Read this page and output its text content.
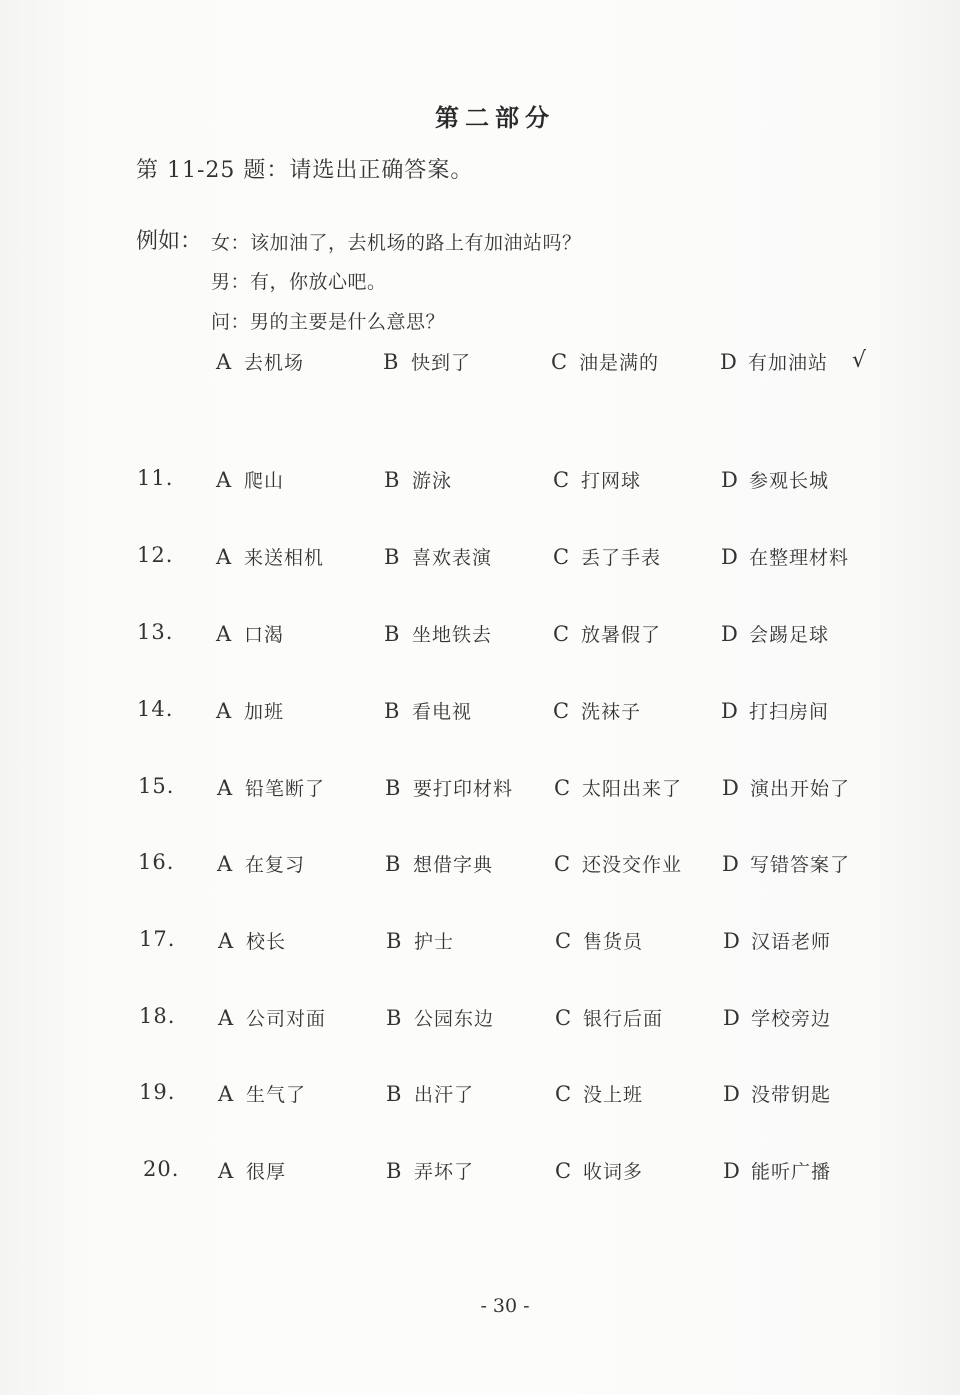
第二部分
第 11-25 题：请选出正确答案。
例如： 女：该加油了，去机场的路上有加油站吗？
男：有，你放心吧。
问：男的主要是什么意思？
A 去机场	B 快到了	C 油是满的	D 有加油站 √
11. A 爬山	B 游泳	C 打网球	D 参观长城
12. A 来送相机	B 喜欢表演	C 丢了手表	D 在整理材料
13. A 口渴	B 坐地铁去	C 放暑假了	D 会踢足球
14. A 加班	B 看电视	C 洗袜子	D 打扫房间
15. A 铅笔断了	B 要打印材料 C 太阳出来了 D 演出开始了
16. A 在复习	B 想借字典	C 还没交作业 D 写错答案了
17. A 校长	B 护士	C 售货员	D 汉语老师
18. A 公司对面	B 公园东边	C 银行后面	D 学校旁边
19. A 生气了	B 出汗了	C 没上班	D 没带钥匙
20. A 很厚	B 弄坏了	C 收词多	D 能听广播
- 30 -
